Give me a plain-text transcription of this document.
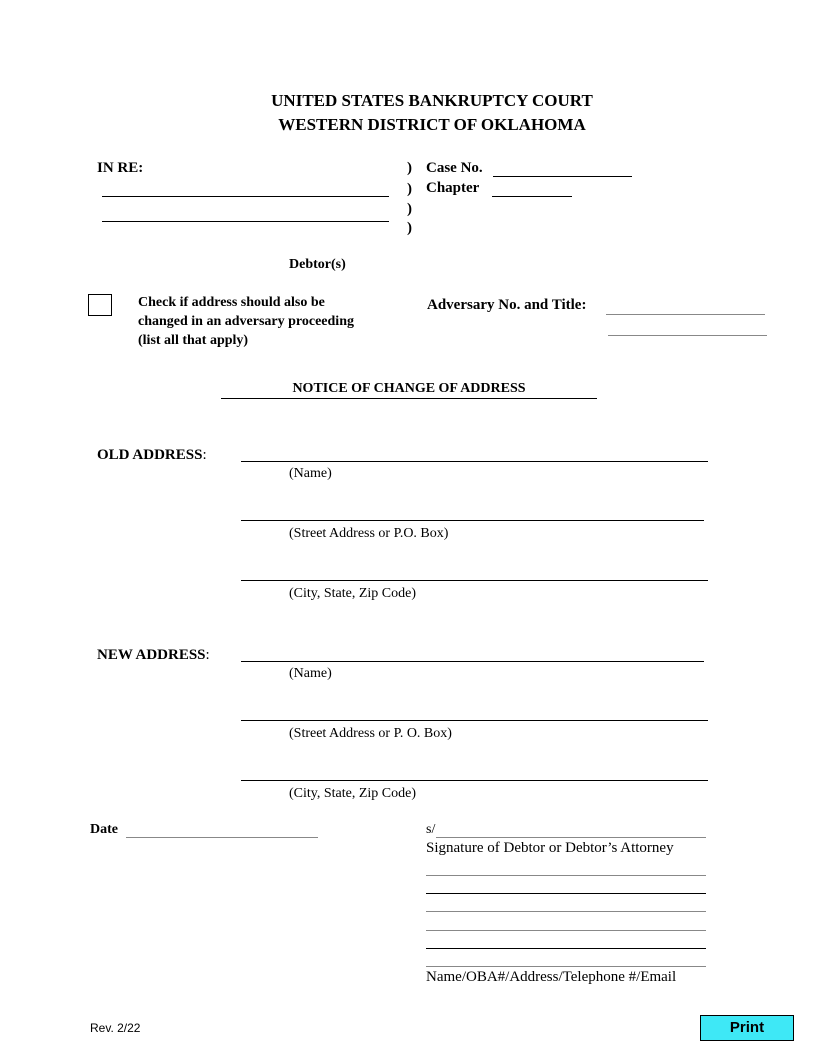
UNITED STATES BANKRUPTCY COURT
WESTERN DISTRICT OF OKLAHOMA
IN RE:	)
)
)
)
Case No.
Chapter
Debtor(s)
Check if address should also be
changed in an adversary proceeding
(list all that apply)
Adversary No. and Title:
NOTICE OF CHANGE OF ADDRESS
OLD ADDRESS:
(Name)
(Street Address or P.O. Box)
(City, State, Zip Code)
NEW ADDRESS:
(Name)
(Street Address or P. O. Box)
(City, State, Zip Code)
Date	s/
Signature of Debtor or Debtor’s Attorney
Name/OBA#/Address/Telephone #/Email
Rev. 2/22	Print
